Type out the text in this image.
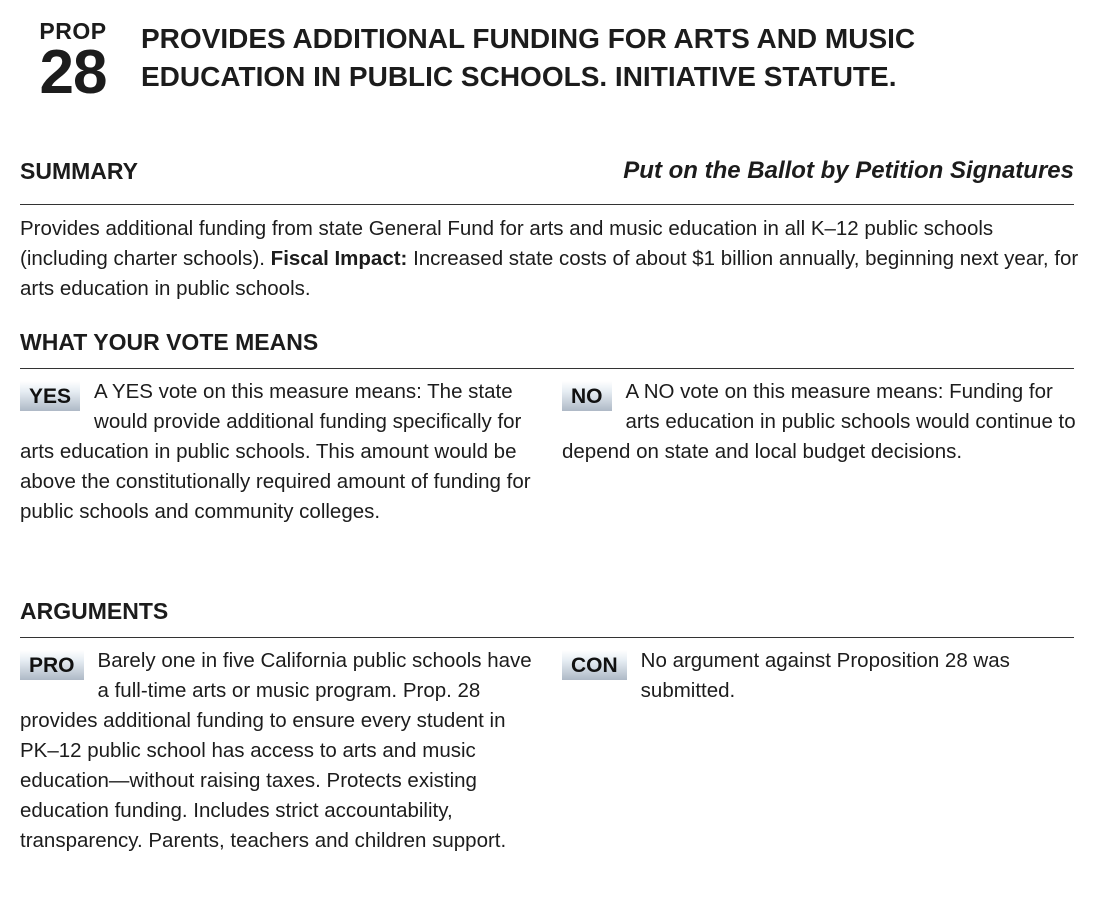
PROP
28 PROVIDES ADDITIONAL FUNDING FOR ARTS AND MUSIC EDUCATION IN PUBLIC SCHOOLS. INITIATIVE STATUTE.
SUMMARY	Put on the Ballot by Petition Signatures

Provides additional funding from state General Fund for arts and music education in all K–12 public schools (including charter schools). Fiscal Impact: Increased state costs of about $1 billion annually, beginning next year, for arts education in public schools.

WHAT YOUR VOTE MEANS
YES	A YES vote on this measure means: The state would provide additional funding specifically for arts education in public schools. This amount would be above the constitutionally required amount of funding for public schools and community colleges.

NO	A NO vote on this measure means: Funding for arts education in public schools would continue to depend on state and local budget decisions.

ARGUMENTS
PRO	Barely one in five California public schools have a full-time arts or music program. Prop. 28 provides additional funding to ensure every student in PK–12 public school has access to arts and music education—without raising taxes. Protects existing education funding. Includes strict accountability, transparency. Parents, teachers and children support.

CON	No argument against Proposition 28 was submitted.
